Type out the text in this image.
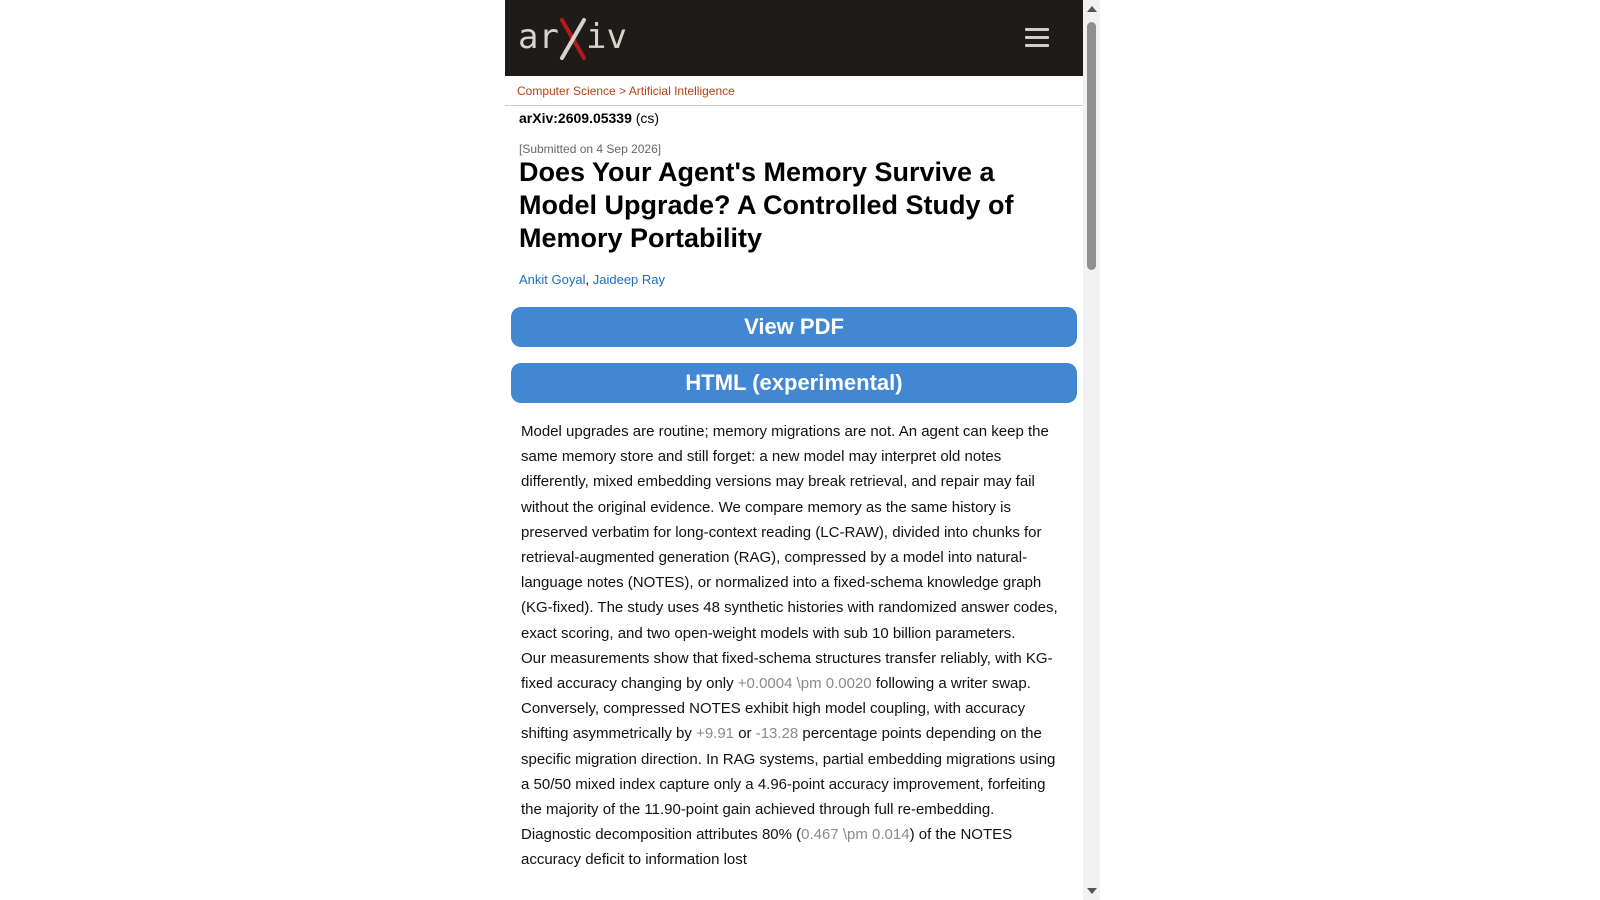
ar iv
Computer Science > Artificial Intelligence
arXiv:2609.05339 (cs)
[Submitted on 4 Sep 2026]
Does Your Agent's Memory Survive a Model Upgrade? A Controlled Study of Memory Portability
Ankit Goyal, Jaideep Ray
View PDF
HTML (experimental)

Model upgrades are routine; memory migrations are not. An agent can keep the same memory store and still forget: a new model may interpret old notes differently, mixed embedding versions may break retrieval, and repair may fail without the original evidence. We compare memory as the same history is preserved verbatim for long-context reading (LC-RAW), divided into chunks for retrieval-augmented generation (RAG), compressed by a model into natural-language notes (NOTES), or normalized into a fixed-schema knowledge graph (KG-fixed). The study uses 48 synthetic histories with randomized answer codes, exact scoring, and two open-weight models with sub 10 billion parameters.

Our measurements show that fixed-schema structures transfer reliably, with KG-fixed accuracy changing by only +0.0004 \pm 0.0020 following a writer swap. Conversely, compressed NOTES exhibit high model coupling, with accuracy shifting asymmetrically by +9.91 or -13.28 percentage points depending on the specific migration direction. In RAG systems, partial embedding migrations using a 50/50 mixed index capture only a 4.96-point accuracy improvement, forfeiting the majority of the 11.90-point gain achieved through full re-embedding. Diagnostic decomposition attributes 80% (0.467 \pm 0.014) of the NOTES accuracy deficit to information lost
